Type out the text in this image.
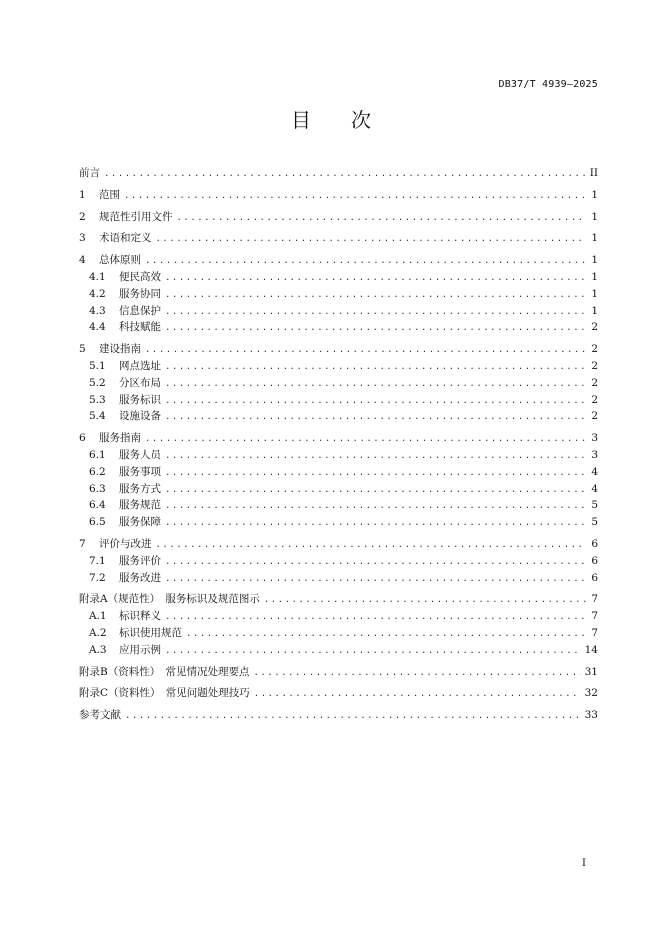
DB37/T 4939—2025
目次
前言 .....	II
1	范围 .....	1
2	规范性引用文件 .....	1
3	术语和定义 .....	1
4	总体原则 .....	1
4.1	便民高效 .....	1
4.2	服务协同 .....	1
4.3	信息保护 .....	1
4.4	科技赋能 .....	2
5	建设指南 .....	2
5.1	网点选址 .....	2
5.2	分区布局 .....	2
5.3	服务标识 .....	2
5.4	设施设备 .....	2
6	服务指南 .....	3
6.1	服务人员 .....	3
6.2	服务事项 .....	4
6.3	服务方式 .....	4
6.4	服务规范 .....	5
6.5	服务保障 .....	5
7	评价与改进 .....	6
7.1	服务评价 .....	6
7.2	服务改进 .....	6
附录A（规范性）　服务标识及规范图示 .....	7
A.1	标识释义 .....	7
A.2	标识使用规范 .....	7
A.3	应用示例 .....	14
附录B（资料性）　常见情况处理要点 .....	31
附录C（资料性）　常见问题处理技巧 .....	32
参考文献 .....	33
I
